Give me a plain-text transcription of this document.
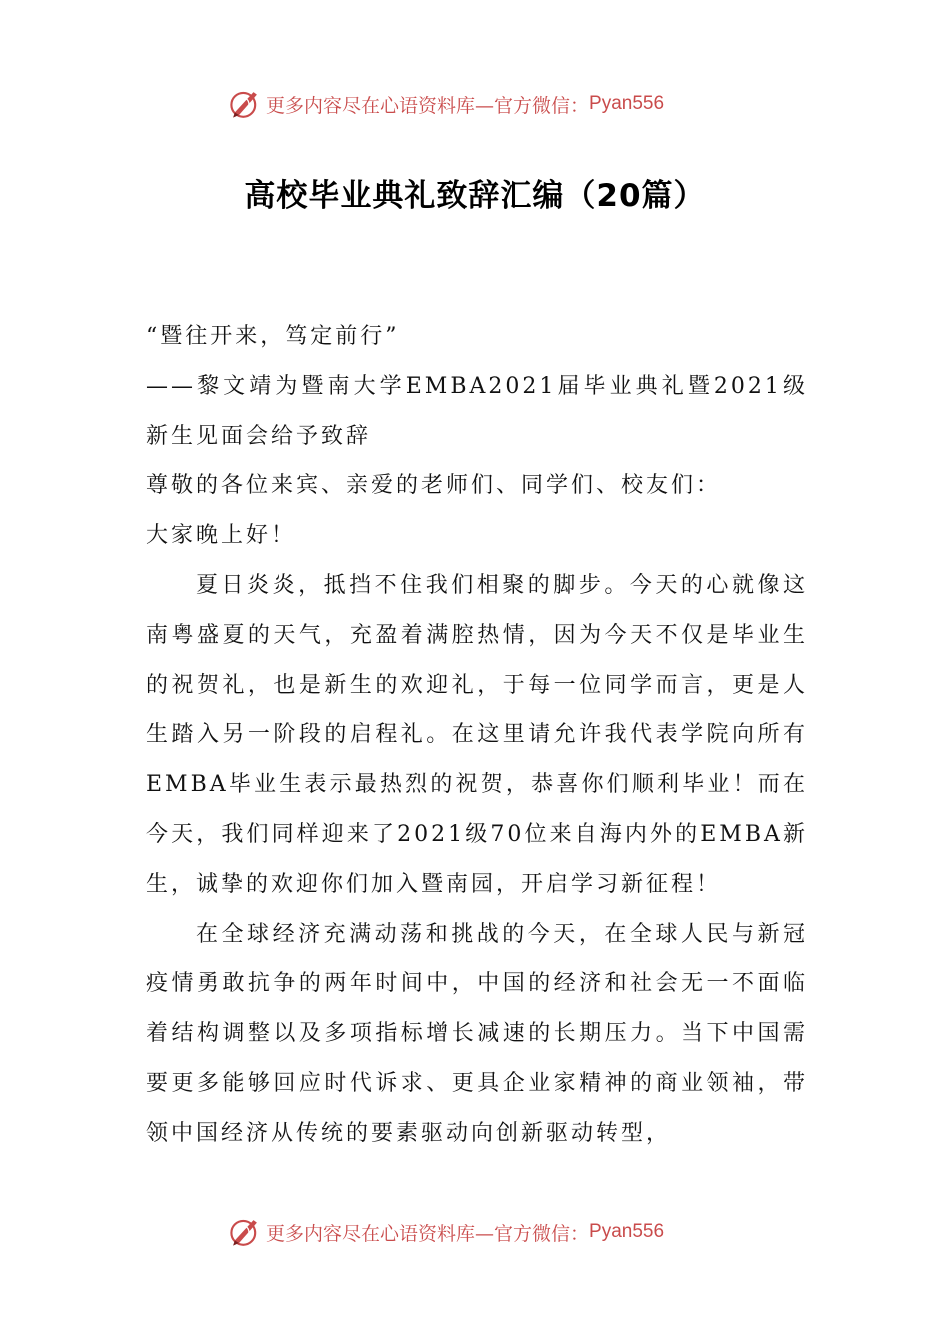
更多内容尽在心语资料库—官方微信： Pyan556
高校毕业典礼致辞汇编（20篇）

“暨往开来，笃定前行”

——黎文靖为暨南大学EMBA2021届毕业典礼暨2021级新生见面会给予致辞

尊敬的各位来宾、亲爱的老师们、同学们、校友们：

大家晚上好！

夏日炎炎，抵挡不住我们相聚的脚步。今天的心就像这南粤盛夏的天气，充盈着满腔热情，因为今天不仅是毕业生的祝贺礼，也是新生的欢迎礼，于每一位同学而言，更是人生踏入另一阶段的启程礼。在这里请允许我代表学院向所有EMBA毕业生表示最热烈的祝贺，恭喜你们顺利毕业！而在今天，我们同样迎来了2021级70位来自海内外的EMBA新生，诚挚的欢迎你们加入暨南园，开启学习新征程！

在全球经济充满动荡和挑战的今天，在全球人民与新冠疫情勇敢抗争的两年时间中，中国的经济和社会无一不面临着结构调整以及多项指标增长减速的长期压力。当下中国需要更多能够回应时代诉求、更具企业家精神的商业领袖，带领中国经济从传统的要素驱动向创新驱动转型，

更多内容尽在心语资料库—官方微信： Pyan556
